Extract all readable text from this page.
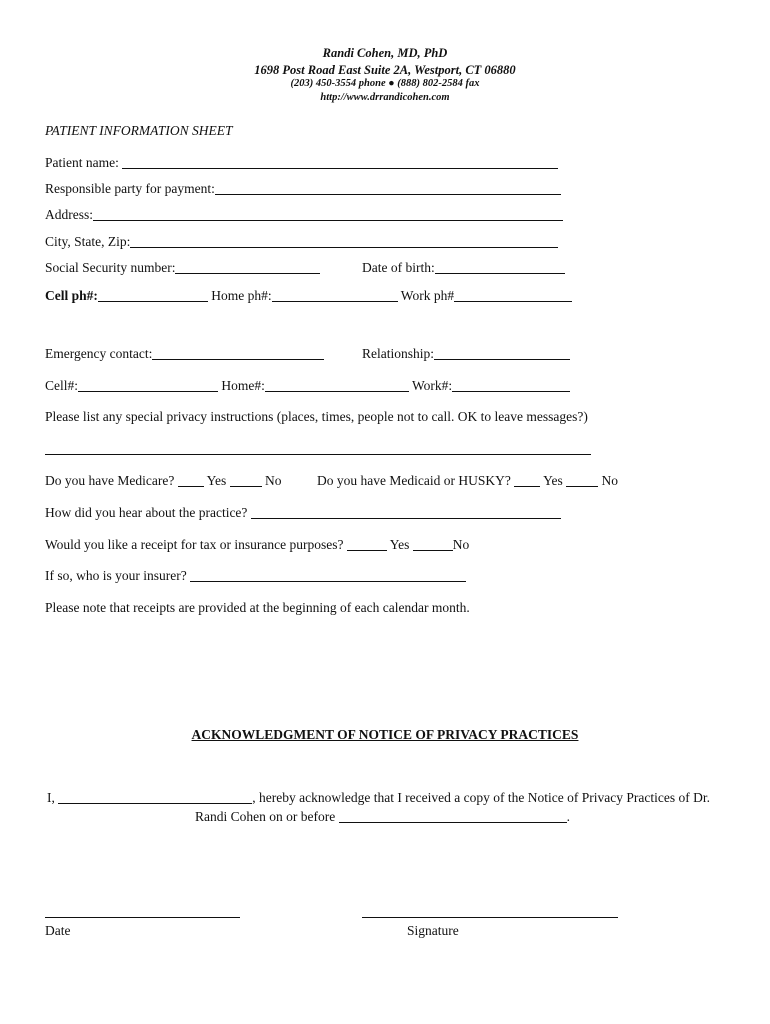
Randi Cohen, MD, PhD
1698 Post Road East Suite 2A, Westport, CT 06880
(203) 450-3554 phone ● (888) 802-2584 fax
http://www.drrandicohen.com
PATIENT INFORMATION SHEET
Patient name:
Responsible party for payment:
Address:
City, State, Zip:
Social Security number:	Date of birth:
Cell ph#:	Home ph#:	Work ph#
Emergency contact:	Relationship:
Cell#:	Home#:	Work#:
Please list any special privacy instructions (places, times, people not to call. OK to leave messages?)
Do you have Medicare? Yes	No	Do you have Medicaid or HUSKY? Yes	No
How did you hear about the practice?
Would you like a receipt for tax or insurance purposes?	Yes	No
If so, who is your insurer?
Please note that receipts are provided at the beginning of each calendar month.
ACKNOWLEDGMENT OF NOTICE OF PRIVACY PRACTICES
I,	, hereby acknowledge that I received a copy of the Notice of Privacy Practices of Dr.
Randi Cohen on or before	.
Date	Signature
